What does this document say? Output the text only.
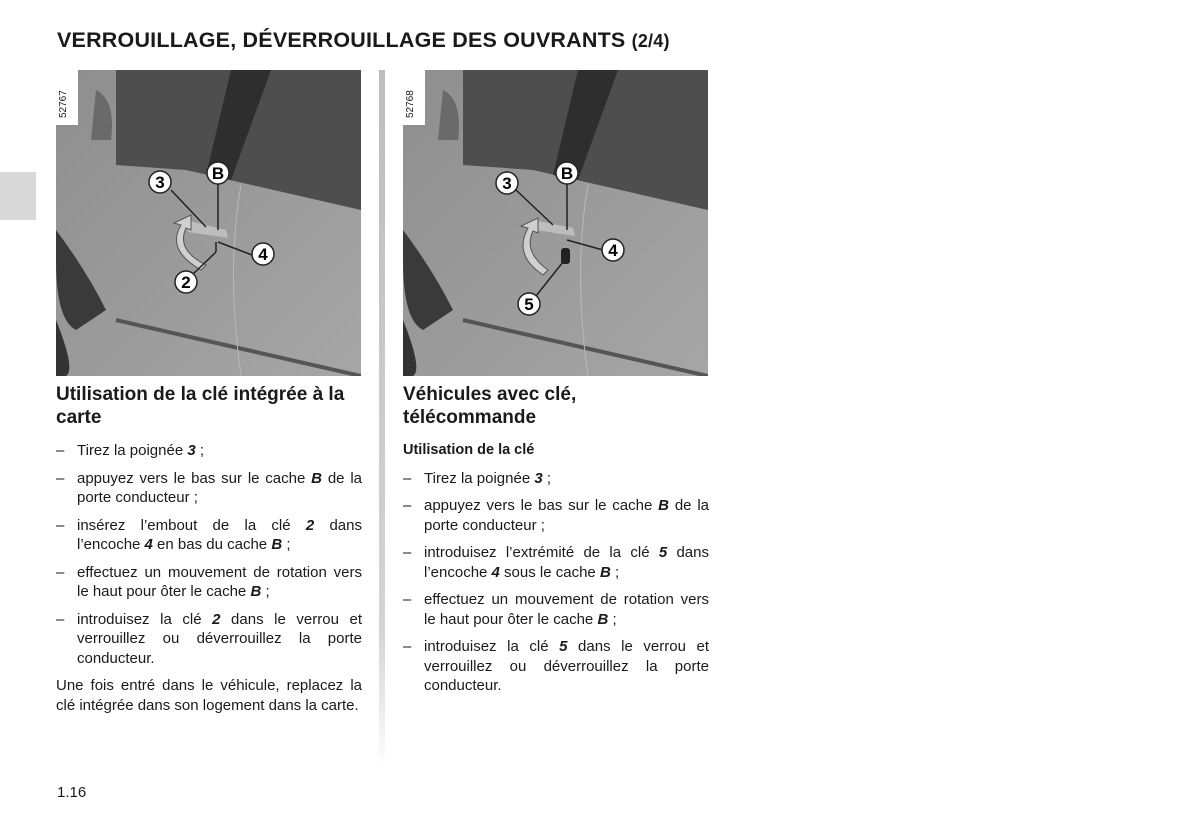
VERROUILLAGE, DÉVERROUILLAGE DES OUVRANTS (2/4)
3	B
4
2
52767
3
B
4
5
52768
Utilisation de la clé intégrée à la carte
– Tirez la poignée 3 ;
– appuyez vers le bas sur le cache B de la porte conducteur ;
– insérez l’embout de la clé 2 dans l’encoche 4 en bas du cache B ;
– effectuez un mouvement de rotation vers le haut pour ôter le cache B ;
– introduisez la clé 2 dans le verrou et verrouillez ou déverrouillez la porte conducteur.

Une fois entré dans le véhicule, replacez la clé intégrée dans son logement dans la carte.

Véhicules avec clé, télécommande
Utilisation de la clé
– Tirez la poignée 3 ;
– appuyez vers le bas sur le cache B de la porte conducteur ;
– introduisez l’extrémité de la clé 5 dans l’encoche 4 sous le cache B ;
– effectuez un mouvement de rotation vers le haut pour ôter le cache B ;
– introduisez la clé 5 dans le verrou et verrouillez ou déverrouillez la porte conducteur.
1.16
